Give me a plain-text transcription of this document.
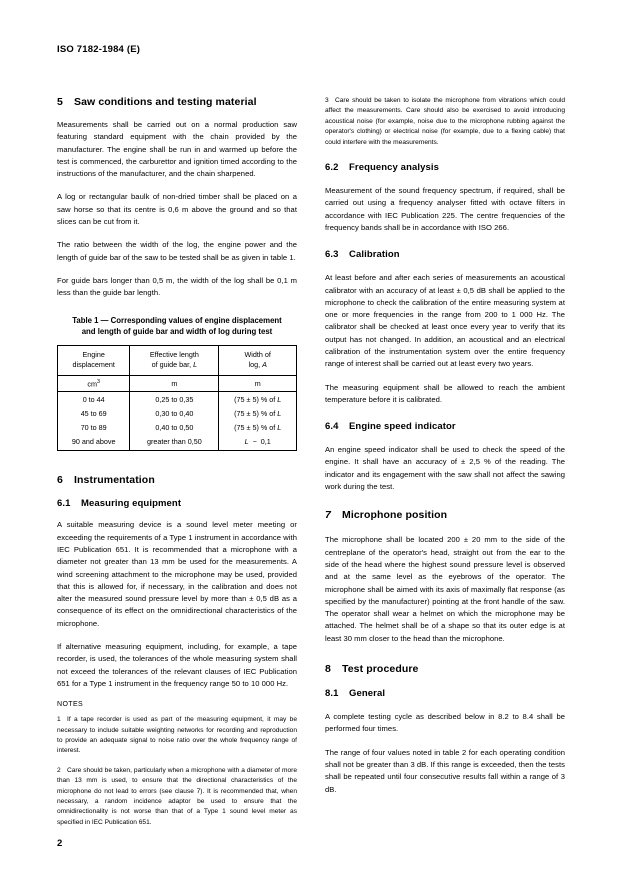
ISO 7182-1984 (E)
5 Saw conditions and testing material

Measurements shall be carried out on a normal production saw featuring standard equipment with the chain provided by the manufacturer. The engine shall be run in and warmed up before the test is commenced, the carburettor and ignition timed according to the instructions of the manufacturer, and the chain sharpened.

A log or rectangular baulk of non-dried timber shall be placed on a saw horse so that its centre is 0,6 m above the ground and so that slices can be cut from it.

The ratio between the width of the log, the engine power and the length of guide bar of the saw to be tested shall be as given in table 1.

For guide bars longer than 0,5 m, the width of the log shall be 0,1 m less than the guide bar length.

Table 1 — Corresponding values of engine displacement
and length of guide bar and width of log during test
Engine
displacement	Effective length
of guide bar, L	Width of
log, A
$cm^3$	m	m
0 to 44	0,25 to 0,35	(75 ± 5) % of L
45 to 69	0,30 to 0,40	(75 ± 5) % of L
70 to 89	0,40 to 0,50	(75 ± 5) % of L
90 and above	greater than 0,50	L  −  0,1
6 Instrumentation
6.1 Measuring equipment

A suitable measuring device is a sound level meter meeting or exceeding the requirements of a Type 1 instrument in accordance with IEC Publication 651. It is recommended that a microphone with a diameter not greater than 13 mm be used for the measurements. A wind screening attachment to the microphone may be used, provided that this is allowed for, if necessary, in the calibration and does not alter the measured sound pressure level by more than ± 0,5 dB as a consequence of its effect on the omnidirectional characteristics of the microphone.

If alternative measuring equipment, including, for example, a tape recorder, is used, the tolerances of the whole measuring system shall not exceed the tolerances of the relevant clauses of IEC Publication 651 for a Type 1 instrument in the frequency range 50 to 10 000 Hz.

NOTES

1 If a tape recorder is used as part of the measuring equipment, it may be necessary to include suitable weighting networks for recording and reproduction to provide an adequate signal to noise ratio over the whole frequency range of interest.

2 Care should be taken, particularly when a microphone with a diameter of more than 13 mm is used, to ensure that the directional characteristics of the microphone do not lead to errors (see clause 7). It is recommended that, when necessary, a random incidence adaptor be used to ensure that the omnidirectionality is not worse than that of a Type 1 sound level meter as specified in IEC Publication 651.

3 Care should be taken to isolate the microphone from vibrations which could affect the measurements. Care should also be exercised to avoid introducing acoustical noise (for example, noise due to the microphone rubbing against the operator's clothing) or electrical noise (for example, due to a flexing cable) that could interfere with the measurements.

6.2 Frequency analysis

Measurement of the sound frequency spectrum, if required, shall be carried out using a frequency analyser fitted with octave filters in accordance with IEC Publication 225. The centre frequencies of the frequency bands shall be in accordance with ISO 266.

6.3 Calibration

At least before and after each series of measurements an acoustical calibrator with an accuracy of at least ± 0,5 dB shall be applied to the microphone to check the calibration of the entire measuring system at one or more frequencies in the range from 200 to 1 000 Hz. The calibrator shall be checked at least once every year to verify that its output has not changed. In addition, an acoustical and an electrical calibration of the instrumentation system over the entire frequency range of interest shall be carried out at least every two years.

The measuring equipment shall be allowed to reach the ambient temperature before it is calibrated.

6.4 Engine speed indicator

An engine speed indicator shall be used to check the speed of the engine. It shall have an accuracy of ± 2,5 % of the reading. The indicator and its engagement with the saw shall not affect the sawing work during the test.

7 Microphone position

The microphone shall be located 200 ± 20 mm to the side of the centreplane of the operator's head, straight out from the ear to the side of the head where the highest sound pressure level is observed and at the same level as the eyebrows of the operator. The microphone shall be aimed with its axis of maximally flat response (as specified by the manufacturer) pointing at the front handle of the saw. The operator shall wear a helmet on which the microphone may be attached. The helmet shall be of a shape so that its outer edge is at least 30 mm closer to the head than the microphone.

8 Test procedure
8.1 General

A complete testing cycle as described below in 8.2 to 8.4 shall be performed four times.

The range of four values noted in table 2 for each operating condition shall not be greater than 3 dB. If this range is exceeded, then the tests shall be repeated until four consecutive results fall within a range of 3 dB.

2
